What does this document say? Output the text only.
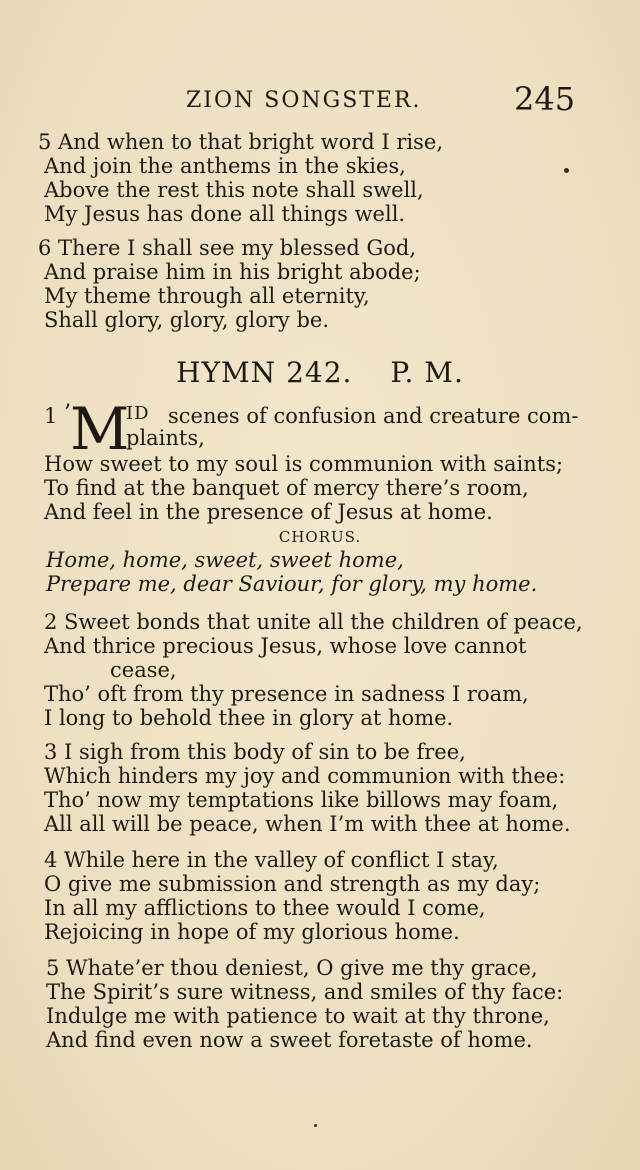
ZION SONGSTER.	245
5 And when to that bright word I rise,
And join the anthems in the skies,
Above the rest this note shall swell,
My Jesus has done all things well.
6 There I shall see my blessed God,
And praise him in his bright abode;
My theme through all eternity,
Shall glory, glory, glory be.
HYMN 242. P. M.
1 ’ M
ID scenes of confusion and creature com-
plaints,
How sweet to my soul is communion with saints;
To find at the banquet of mercy there’s room,
And feel in the presence of Jesus at home.
CHORUS.
Home, home, sweet, sweet home,
Prepare me, dear Saviour, for glory, my home.
2 Sweet bonds that unite all the children of peace,
And thrice precious Jesus, whose love cannot
cease,
Tho’ oft from thy presence in sadness I roam,
I long to behold thee in glory at home.
3 I sigh from this body of sin to be free,
Which hinders my joy and communion with thee:
Tho’ now my temptations like billows may foam,
All all will be peace, when I’m with thee at home.
4 While here in the valley of conflict I stay,
O give me submission and strength as my day;
In all my afflictions to thee would I come,
Rejoicing in hope of my glorious home.
5 Whate’er thou deniest, O give me thy grace,
The Spirit’s sure witness, and smiles of thy face:
Indulge me with patience to wait at thy throne,
And find even now a sweet foretaste of home.
